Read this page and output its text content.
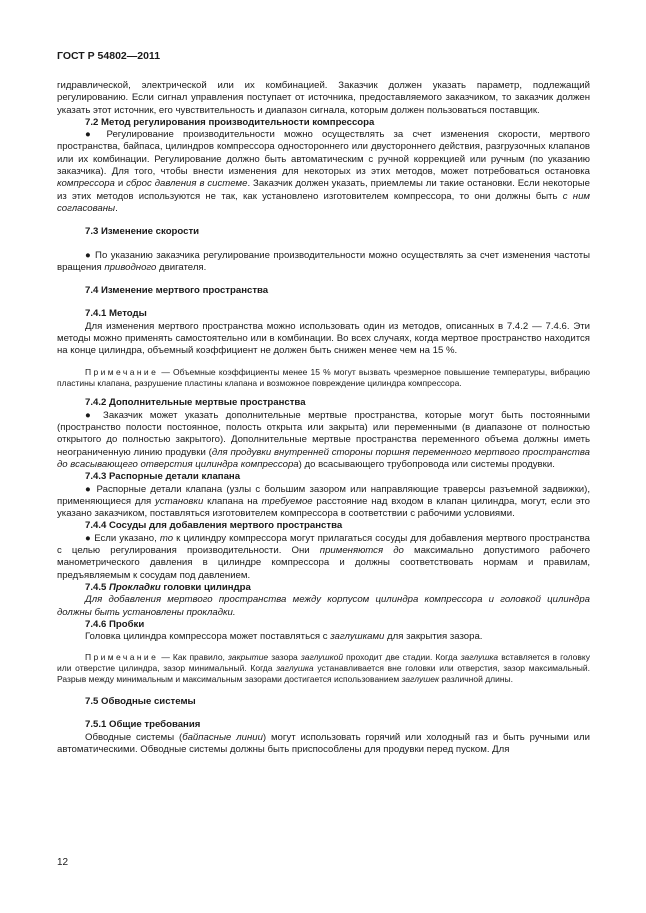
ГОСТ Р 54802—2011

гидравлической, электрической или их комбинацией. Заказчик должен указать параметр, подлежащий регулированию. Если сигнал управления поступает от источника, предоставляемого заказчиком, то заказчик должен указать этот источник, его чувствительность и диапазон сигнала, которым должен пользоваться поставщик.

7.2 Метод регулирования производительности компрессора

● Регулирование производительности можно осуществлять за счет изменения скорости, мертвого пространства, байпаса, цилиндров компрессора одностороннего или двустороннего действия, разгрузочных клапанов или их комбинации. Регулирование должно быть автоматическим с ручной коррекцией или ручным (по указанию заказчика). Для того, чтобы внести изменения для некоторых из этих методов, может потребоваться остановка компрессора и сброс давления в системе. Заказчик должен указать, приемлемы ли такие остановки. Если некоторые из этих методов используются не так, как установлено изготовителем компрессора, то они должны быть с ним согласованы.

7.3 Изменение скорости

● По указанию заказчика регулирование производительности можно осуществлять за счет изменения частоты вращения приводного двигателя.

7.4 Изменение мертвого пространства
7.4.1 Методы

Для изменения мертвого пространства можно использовать один из методов, описанных в 7.4.2 — 7.4.6. Эти методы можно применять самостоятельно или в комбинации. Во всех случаях, когда мертвое пространство находится на конце цилиндра, объемный коэффициент не должен быть снижен менее чем на 15 %.

Примечание — Объемные коэффициенты менее 15 % могут вызвать чрезмерное повышение температуры, вибрацию пластины клапана, разрушение пластины клапана и возможное повреждение цилиндра компрессора.

7.4.2 Дополнительные мертвые пространства

● Заказчик может указать дополнительные мертвые пространства, которые могут быть постоянными (пространство полости постоянное, полость открыта или закрыта) или переменными (в диапазоне от полностью открытого до полностью закрытого). Дополнительные мертвые пространства переменного объема должны иметь неограниченную линию продувки (для продувки внутренней стороны поршня переменного мертвого пространства до всасывающего отверстия цилиндра компрессора) до всасывающего трубопровода или системы продувки.

7.4.3 Распорные детали клапана

● Распорные детали клапана (узлы с большим зазором или направляющие траверсы разъемной задвижки), применяющиеся для установки клапана на требуемое расстояние над входом в клапан цилиндра, могут, если это указано заказчиком, поставляться изготовителем компрессора в соответствии с рабочими условиями.

7.4.4 Сосуды для добавления мертвого пространства

● Если указано, то к цилиндру компрессора могут прилагаться сосуды для добавления мертвого пространства с целью регулирования производительности. Они применяются до максимально допустимого рабочего манометрического давления в цилиндре компрессора и должны соответствовать нормам и правилам, предъявляемым к сосудам под давлением.

7.4.5 Прокладки головки цилиндра

Для добавления мертвого пространства между корпусом цилиндра компрессора и головкой цилиндра должны быть установлены прокладки.

7.4.6 Пробки

Головка цилиндра компрессора может поставляться с заглушками для закрытия зазора.

Примечание — Как правило, закрытие зазора заглушкой проходит две стадии. Когда заглушка вставляется в головку или отверстие цилиндра, зазор минимальный. Когда заглушка устанавливается вне головки или отверстия, зазор максимальный. Разрыв между минимальным и максимальным зазорами достигается использованием заглушек различной длины.

7.5 Обводные системы
7.5.1 Общие требования

Обводные системы (байпасные линии) могут использовать горячий или холодный газ и быть ручными или автоматическими. Обводные системы должны быть приспособлены для продувки перед пуском. Для

12
